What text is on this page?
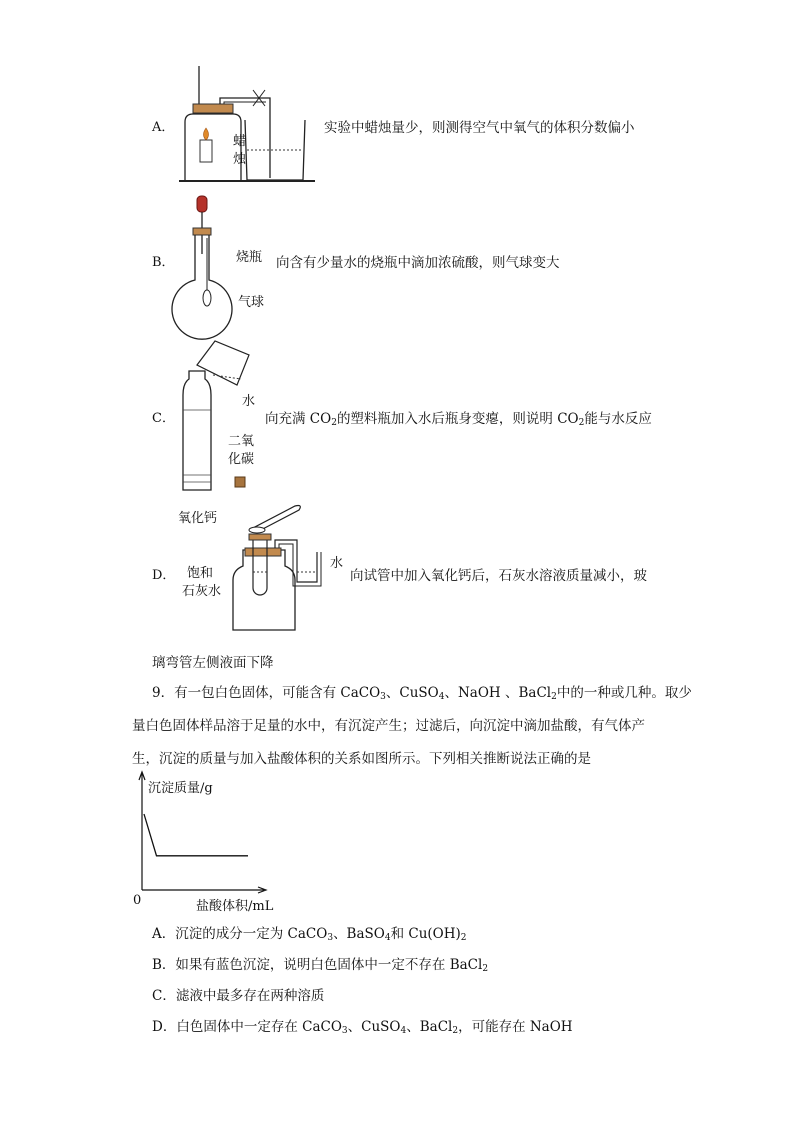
A．
蜡
烛
实验中蜡烛量少，则测得空气中氧气的体积分数偏小
B．	烧瓶
气球
向含有少量水的烧瓶中滴加浓硫酸，则气球变大
C．
水
二氧
化碳
向充满 $CO_2$的塑料瓶加入水后瓶身变瘪，则说明 $CO_2$能与水反应
D．
氧化钙
饱和
石灰水
水
向试管中加入氧化钙后，石灰水溶液质量减小，玻
璃弯管左侧液面下降
9．有一包白色固体，可能含有 CaCO$_3$、CuSO$_4$、NaOH 、BaCl$_2$中的一种或几种。取少
量白色固体样品溶于足量的水中，有沉淀产生；过滤后，向沉淀中滴加盐酸，有气体产
生，沉淀的质量与加入盐酸体积的关系如图所示。下列相关推断说法正确的是
沉淀质量/g
0	盐酸体积/mL
A．沉淀的成分一定为 CaCO$_3$、BaSO$_4$和 $Cu(OH)_2$
B．如果有蓝色沉淀，说明白色固体中一定不存在 BaCl$_2$
C．滤液中最多存在两种溶质
D．白色固体中一定存在 CaCO$_3$、CuSO$_4$、BaCl$_2$，可能存在 NaOH
